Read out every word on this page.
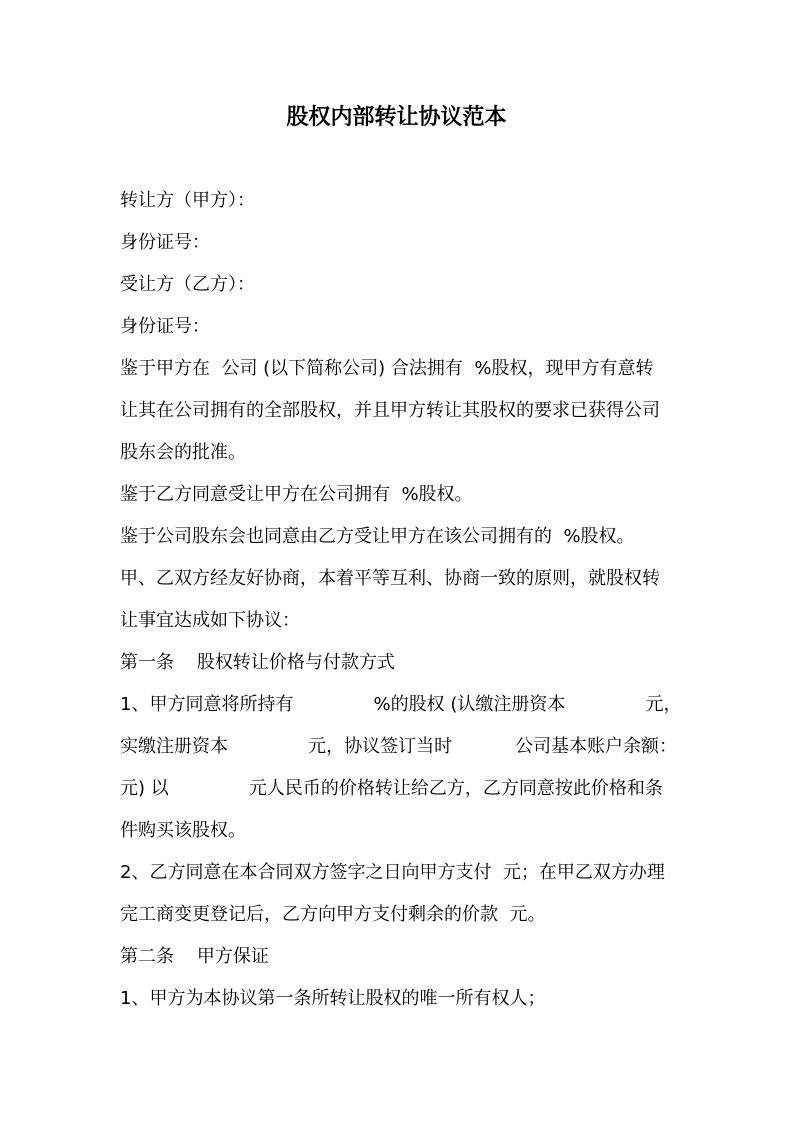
股权内部转让协议范本
转让方（甲方）：
身份证号：
受让方（乙方）：
身份证号：
鉴于甲方在  公司 (以下简称公司) 合法拥有  %股权，现甲方有意转
让其在公司拥有的全部股权，并且甲方转让其股权的要求已获得公司
股东会的批准。
鉴于乙方同意受让甲方在公司拥有  %股权。
鉴于公司股东会也同意由乙方受让甲方在该公司拥有的  %股权。
甲、乙双方经友好协商，本着平等互利、协商一致的原则，就股权转
让事宜达成如下协议：
第一条    股权转让价格与付款方式
1、甲方同意将所持有              %的股权 (认缴注册资本              元，
实缴注册资本              元，协议签订当时           公司基本账户余额：
元) 以              元人民币的价格转让给乙方，乙方同意按此价格和条
件购买该股权。
2、乙方同意在本合同双方签字之日向甲方支付  元；在甲乙双方办理
完工商变更登记后，乙方向甲方支付剩余的价款  元。
第二条    甲方保证
1、甲方为本协议第一条所转让股权的唯一所有权人；
